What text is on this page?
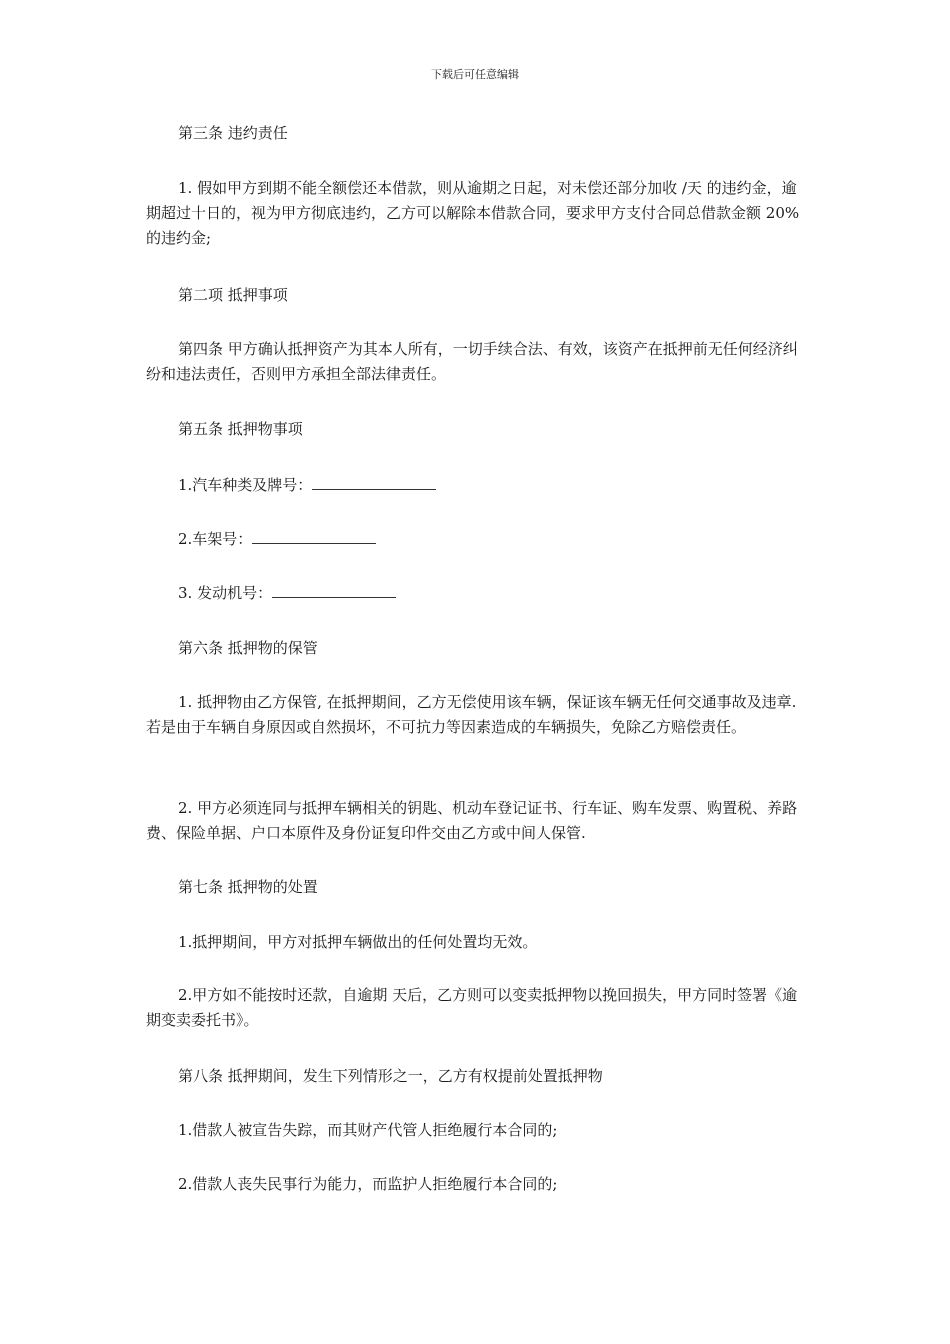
下载后可任意编辑

第三条 违约责任

1. 假如甲方到期不能全额偿还本借款，则从逾期之日起，对未偿还部分加收 /天 的违约金，逾期超过十日的，视为甲方彻底违约，乙方可以解除本借款合同，要求甲方支付合同总借款金额 20%的违约金;

第二项 抵押事项

第四条 甲方确认抵押资产为其本人所有，一切手续合法、有效，该资产在抵押前无任何经济纠纷和违法责任，否则甲方承担全部法律责任。

第五条 抵押物事项

1.汽车种类及牌号：

2.车架号：

3. 发动机号：

第六条 抵押物的保管

1. 抵押物由乙方保管, 在抵押期间，乙方无偿使用该车辆，保证该车辆无任何交通事故及违章.若是由于车辆自身原因或自然损坏，不可抗力等因素造成的车辆损失，免除乙方赔偿责任。

2. 甲方必须连同与抵押车辆相关的钥匙、机动车登记证书、行车证、购车发票、购置税、养路费、保险单据、户口本原件及身份证复印件交由乙方或中间人保管.

第七条 抵押物的处置

1.抵押期间，甲方对抵押车辆做出的任何处置均无效。

2.甲方如不能按时还款，自逾期 天后，乙方则可以变卖抵押物以挽回损失，甲方同时签署《逾期变卖委托书》。

第八条 抵押期间，发生下列情形之一，乙方有权提前处置抵押物

1.借款人被宣告失踪，而其财产代管人拒绝履行本合同的;

2.借款人丧失民事行为能力，而监护人拒绝履行本合同的;
